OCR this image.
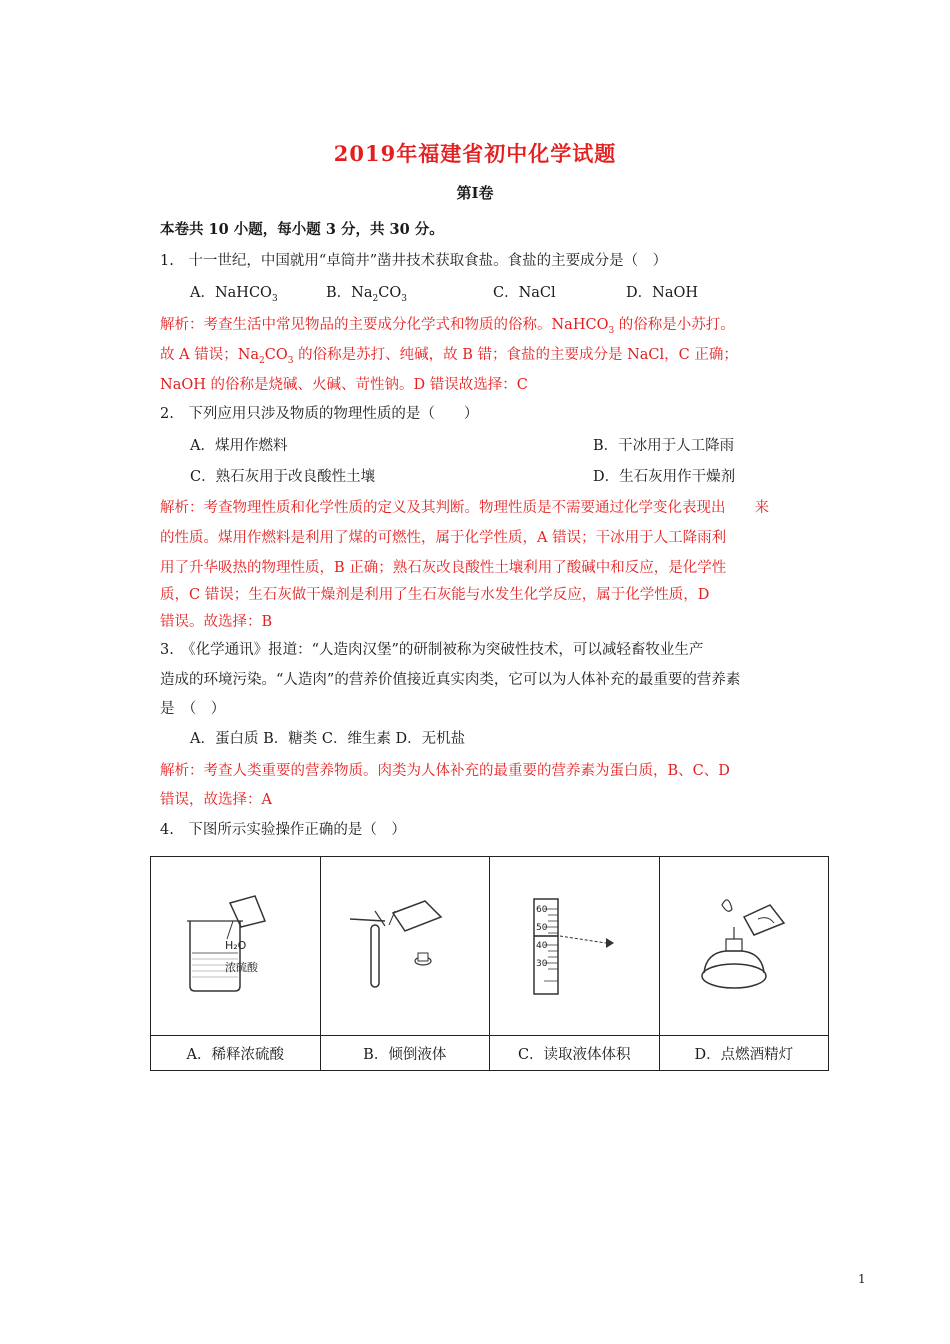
2019年福建省初中化学试题
第Ⅰ卷
本卷共 10 小题，每小题 3 分，共 30 分。
1.　十一世纪，中国就用“卓筒井”凿井技术获取食盐。食盐的主要成分是（　）
A．NaHCO$_3$	B．$Na_2CO_3$	C．NaCl	D．NaOH
解析：考查生活中常见物品的主要成分化学式和物质的俗称。NaHCO$_3$ 的俗称是小苏打。
故 A 错误；$Na_2CO_3$ 的俗称是苏打、纯碱，故 B 错；食盐的主要成分是 NaCl，C 正确；
NaOH 的俗称是烧碱、火碱、苛性钠。D 错误故选择：C
2.　下列应用只涉及物质的物理性质的是（　　）
A．煤用作燃料	B．干冰用于人工降雨
C．熟石灰用于改良酸性土壤	D．生石灰用作干燥剂
解析：考查物理性质和化学性质的定义及其判断。物理性质是不需要通过化学变化表现出　　来
的性质。煤用作燃料是利用了煤的可燃性，属于化学性质，A 错误；干冰用于人工降雨利
用了升华吸热的物理性质，B 正确；熟石灰改良酸性土壤利用了酸碱中和反应，是化学性
质，C 错误；生石灰做干燥剂是利用了生石灰能与水发生化学反应，属于化学性质，D
错误。故选择：B
3.　《化学通讯》报道：“人造肉汉堡”的研制被称为突破性技术，可以减轻畜牧业生产
造成的环境污染。“人造肉”的营养价值接近真实肉类，它可以为人体补充的最重要的营养素
是　（　）
A．蛋白质 B．糖类 C．维生素 D．无机盐
解析：考查人类重要的营养物质。肉类为人体补充的最重要的营养素为蛋白质，B、C、D
错误，故选择：A
4.　下图所示实验操作正确的是（　）
H₂O
浓硫酸		60
50
40
30

A．稀释浓硫酸	B．倾倒液体	C．读取液体体积	D．点燃酒精灯
1
